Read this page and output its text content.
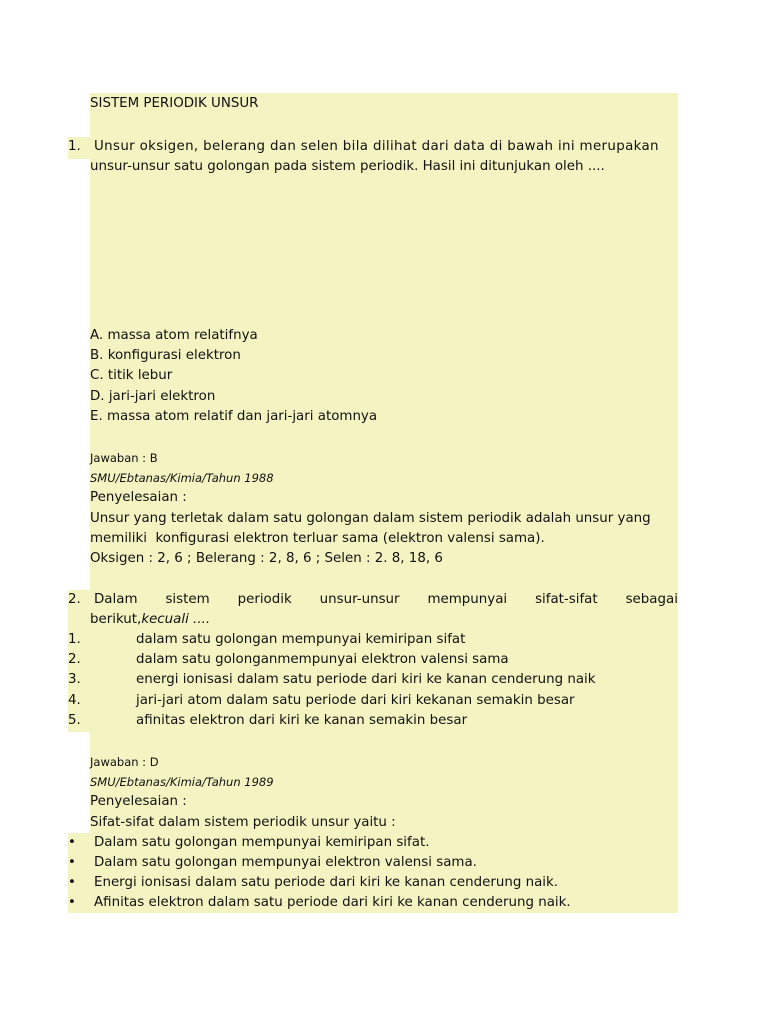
SISTEM PERIODIK UNSUR
1. Unsur oksigen, belerang dan selen bila dilihat dari data di bawah ini merupakan
unsur-unsur satu golongan pada sistem periodik. Hasil ini ditunjukan oleh ....
A. massa atom relatifnya
B. konfigurasi elektron
C. titik lebur
D. jari-jari elektron
E. massa atom relatif dan jari-jari atomnya
Jawaban : B
SMU/Ebtanas/Kimia/Tahun 1988
Penyelesaian :
Unsur yang terletak dalam satu golongan dalam sistem periodik adalah unsur yang
memiliki  konfigurasi elektron terluar sama (elektron valensi sama).
Oksigen : 2, 6 ; Belerang : 2, 8, 6 ; Selen : 2. 8, 18, 6
2. Dalam sistem periodik unsur-unsur mempunyai sifat-sifat sebagai
berikut,kecuali ....
1.	dalam satu golongan mempunyai kemiripan sifat
2.	dalam satu golonganmempunyai elektron valensi sama
3.	energi ionisasi dalam satu periode dari kiri ke kanan cenderung naik
4.	jari-jari atom dalam satu periode dari kiri kekanan semakin besar
5.	afinitas elektron dari kiri ke kanan semakin besar
Jawaban : D
SMU/Ebtanas/Kimia/Tahun 1989
Penyelesaian :
Sifat-sifat dalam sistem periodik unsur yaitu :
• Dalam satu golongan mempunyai kemiripan sifat.
• Dalam satu golongan mempunyai elektron valensi sama.
• Energi ionisasi dalam satu periode dari kiri ke kanan cenderung naik.
• Afinitas elektron dalam satu periode dari kiri ke kanan cenderung naik.
